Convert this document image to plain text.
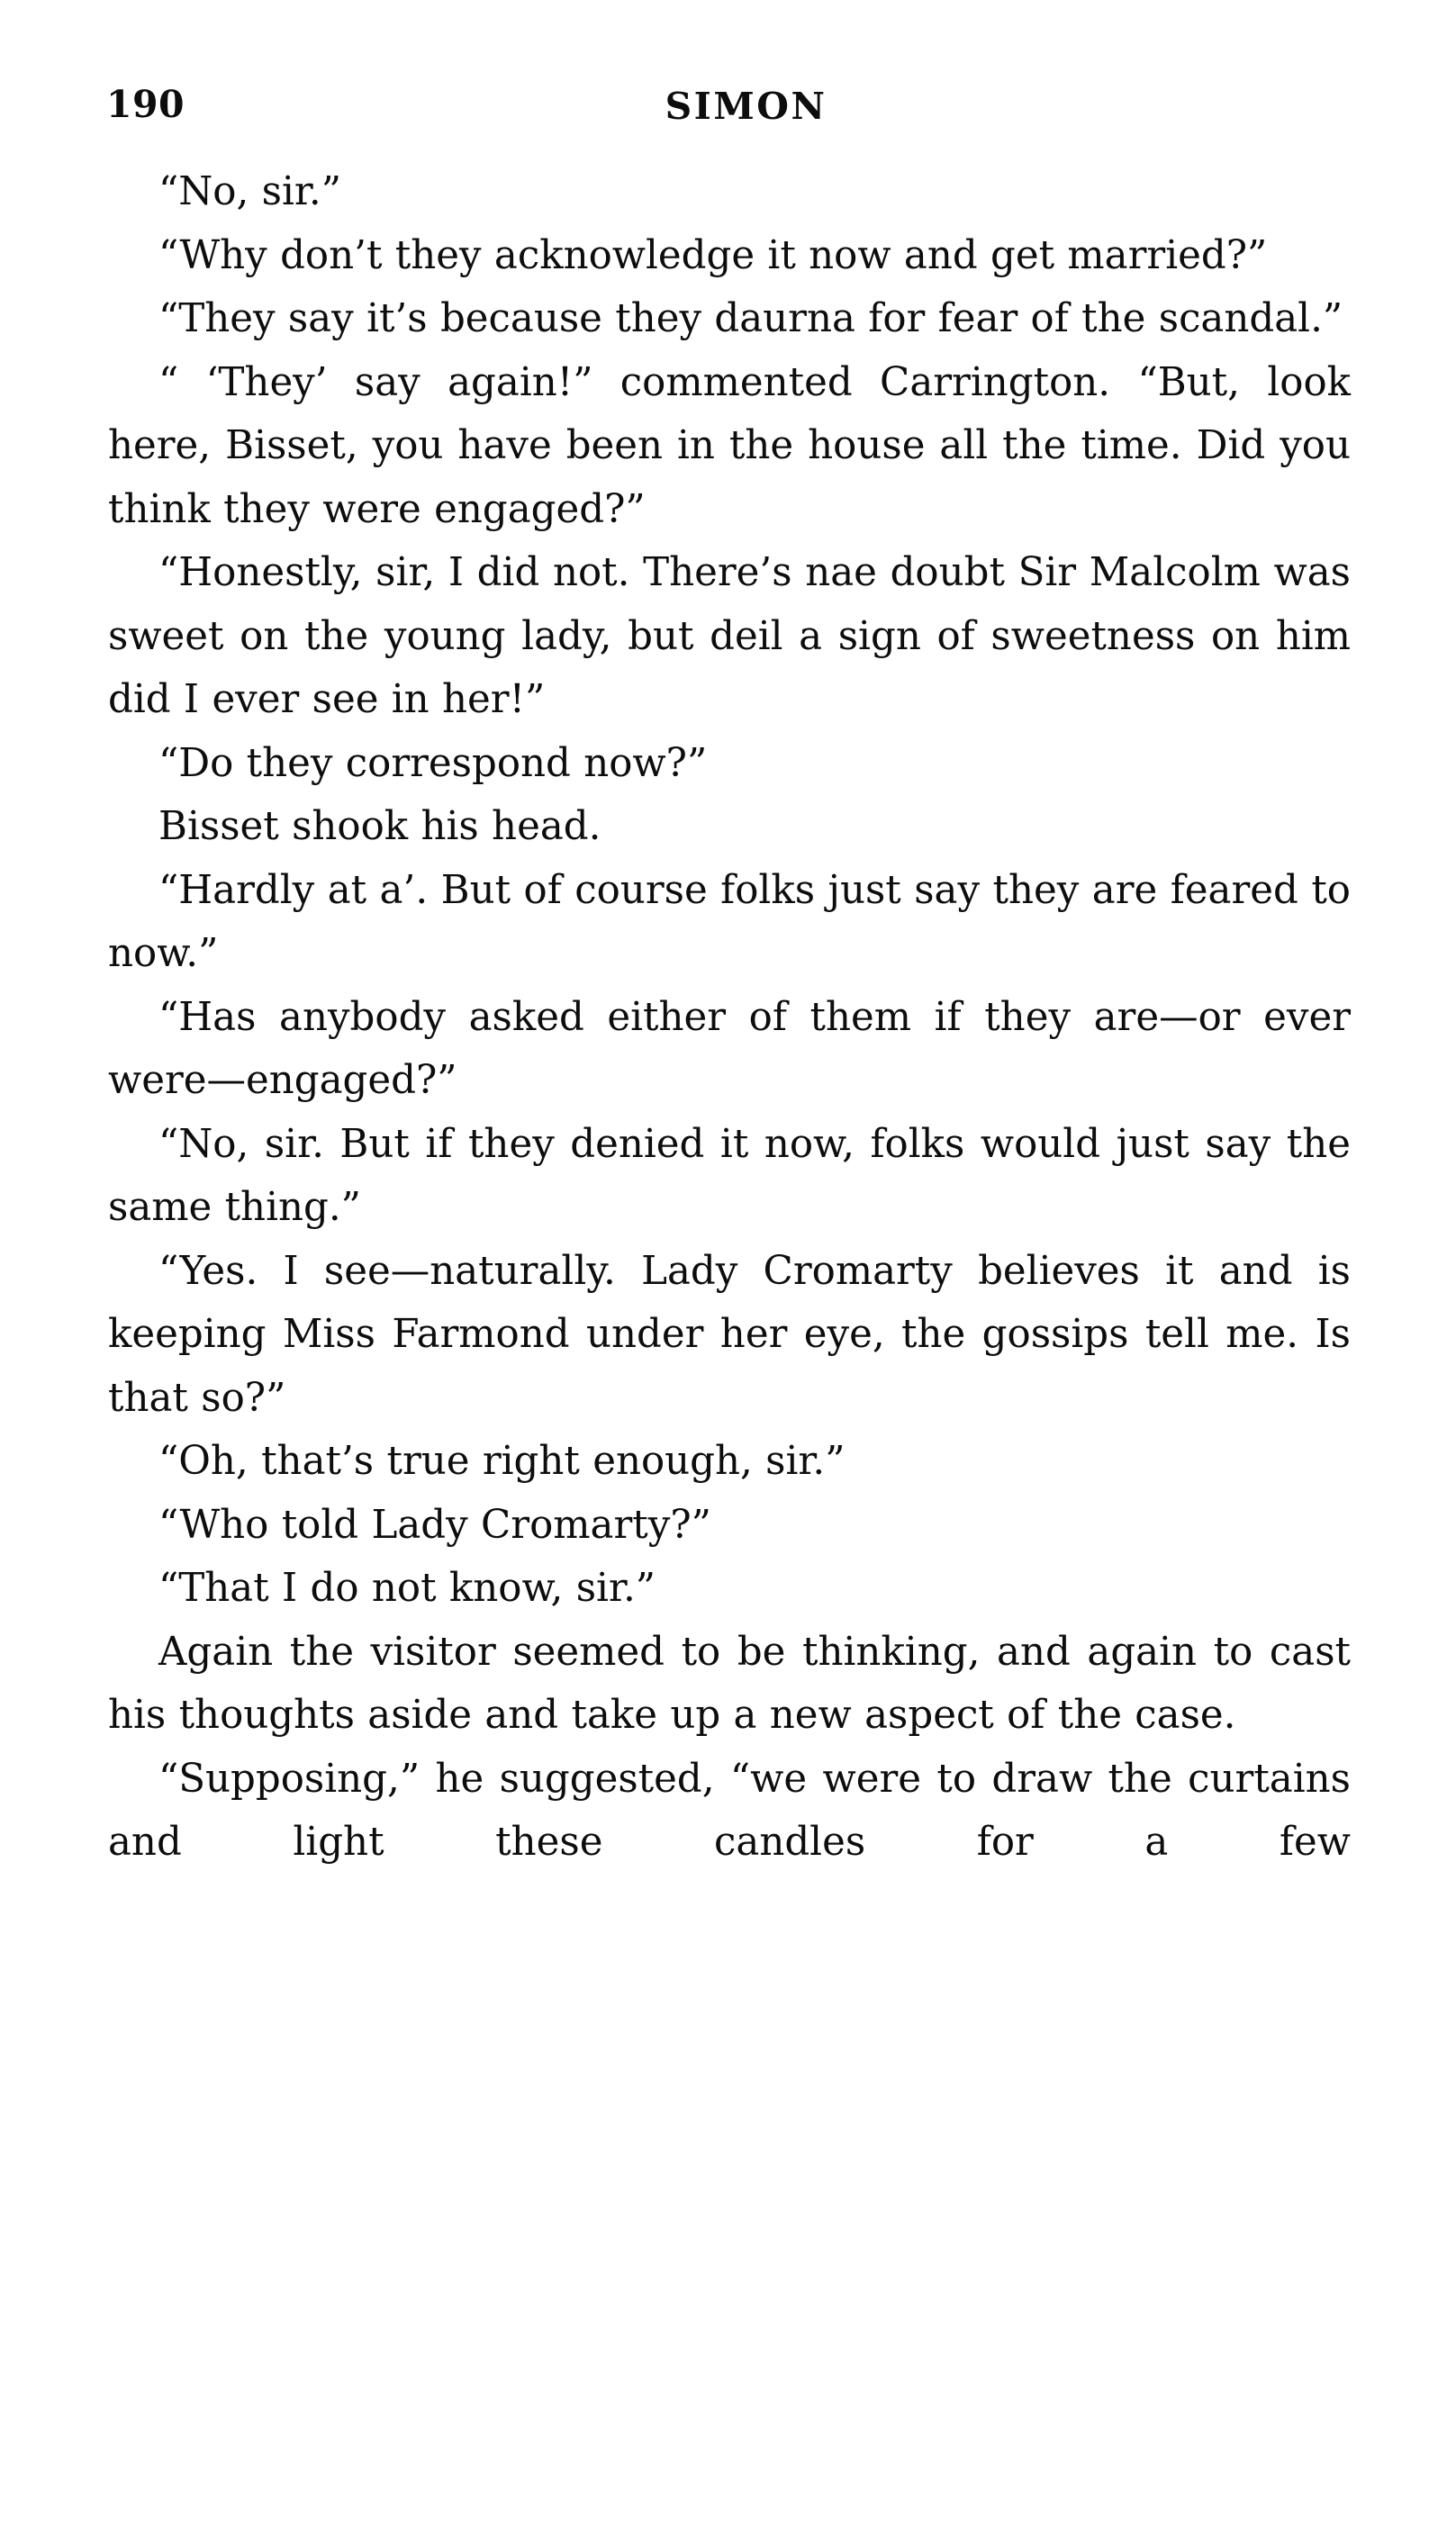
190	SIMON

“No, sir.”

“Why don’t they acknowledge it now and get married?”

“They say it’s because they daurna for fear of the scandal.”

“ ‘They’ say again!” commented Carrington. “But, look here, Bisset, you have been in the house all the time. Did you think they were engaged?”

“Honestly, sir, I did not. There’s nae doubt Sir Malcolm was sweet on the young lady, but deil a sign of sweetness on him did I ever see in her!”

“Do they correspond now?”

Bisset shook his head.

“Hardly at a’. But of course folks just say they are feared to now.”

“Has anybody asked either of them if they are—or ever were—engaged?”

“No, sir. But if they denied it now, folks would just say the same thing.”

“Yes. I see—naturally. Lady Cromarty believes it and is keeping Miss Farmond under her eye, the gossips tell me. Is that so?”

“Oh, that’s true right enough, sir.”

“Who told Lady Cromarty?”

“That I do not know, sir.”

Again the visitor seemed to be thinking, and again to cast his thoughts aside and take up a new aspect of the case.

“Supposing,” he suggested, “we were to draw the curtains and light these candles for a few
